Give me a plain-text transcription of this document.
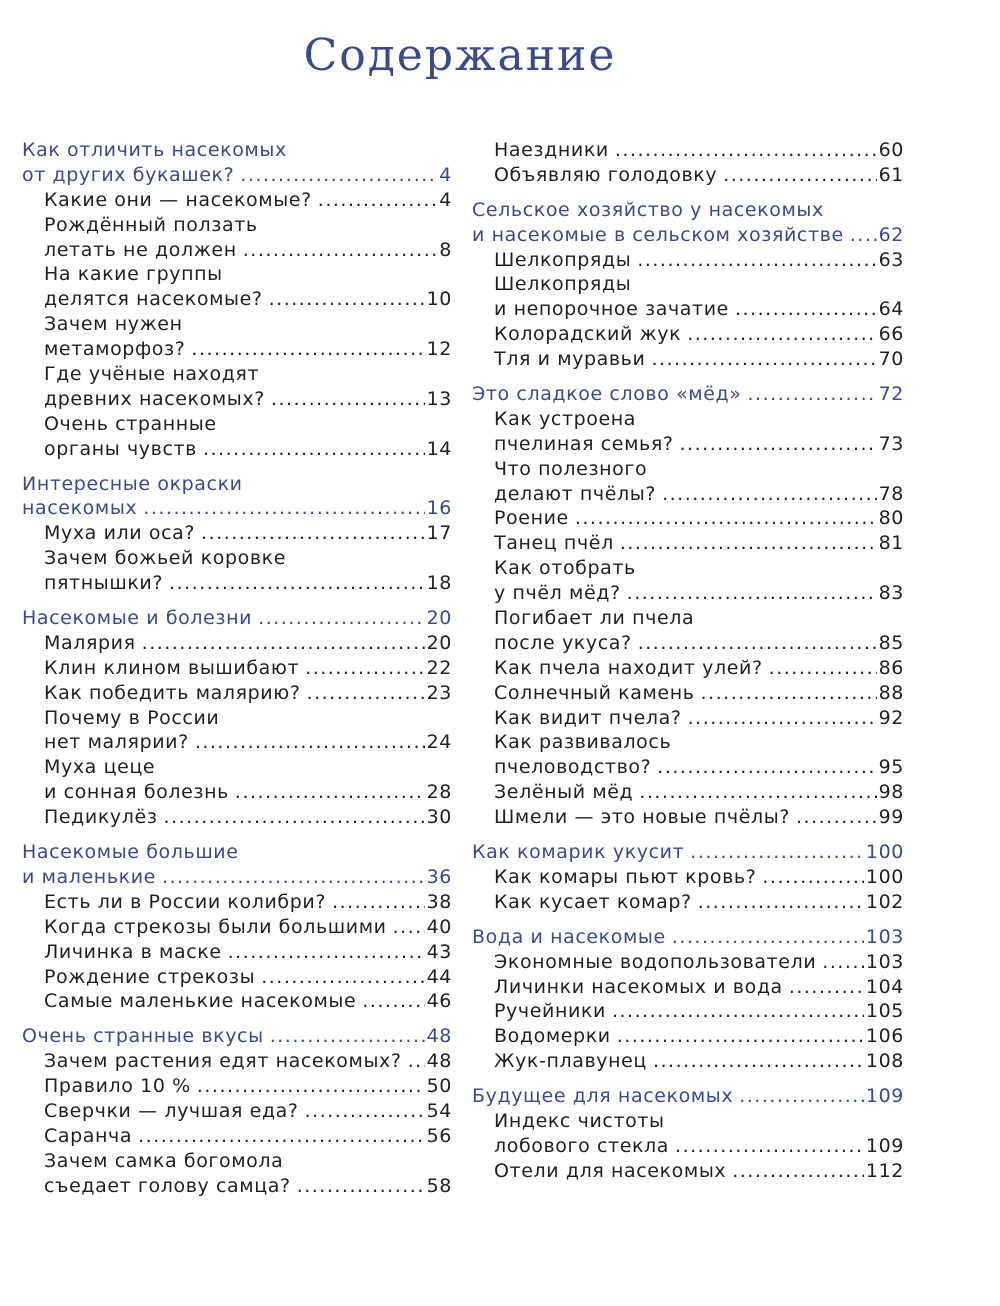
Содержание
Как отличить насекомых
от других букашек? .....	4
Какие они — насекомые? .....	4
Рождённый ползать
летать не должен .....	8
На какие группы
делятся насекомые? .....	10
Зачем нужен
метаморфоз? .....	12
Где учёные находят
древних насекомых? .....	13
Очень странные
органы чувств .....	14
Интересные окраски
насекомых .....	16
Муха или оса? .....	17
Зачем божьей коровке
пятнышки? .....	18
Насекомые и болезни .....	20
Малярия .....	20
Клин клином вышибают .....	22
Как победить малярию? .....	23
Почему в России
нет малярии? .....	24
Муха цеце
и сонная болезнь .....	28
Педикулёз .....	30
Насекомые большие
и маленькие .....	36
Есть ли в России колибри? .....	38
Когда стрекозы были большими ..... 40
Личинка в маске .....	43
Рождение стрекозы .....	44
Самые маленькие насекомые .....	46
Очень странные вкусы .....	48
Зачем растения едят насекомых? ..... 48
Правило 10 % .....	50
Сверчки — лучшая еда? .....	54
Саранча .....	56
Зачем самка богомола
съедает голову самца? .....	58
Наездники .....	60
Объявляю голодовку .....	61
Сельское хозяйство у насекомых
и насекомые в сельском хозяйстве ..... 62
Шелкопряды .....	63
Шелкопряды
и непорочное зачатие .....	64
Колорадский жук .....	66
Тля и муравьи .....	70
Это сладкое слово «мёд» .....	72
Как устроена
пчелиная семья? .....	73
Что полезного
делают пчёлы? .....	78
Роение .....	80
Танец пчёл .....	81
Как отобрать
у пчёл мёд? .....	83
Погибает ли пчела
после укуса? .....	85
Как пчела находит улей? .....	86
Солнечный камень .....	88
Как видит пчела? .....	92
Как развивалось
пчеловодство? .....	95
Зелёный мёд .....	98
Шмели — это новые пчёлы? .....	99
Как комарик укусит .....	100
Как комары пьют кровь? .....	100
Как кусает комар? .....	102
Вода и насекомые .....	103
Экономные водопользователи .....	103
Личинки насекомых и вода .....	104
Ручейники .....	105
Водомерки .....	106
Жук-плавунец .....	108
Будущее для насекомых .....	109
Индекс чистоты
лобового стекла .....	109
Отели для насекомых .....	112
